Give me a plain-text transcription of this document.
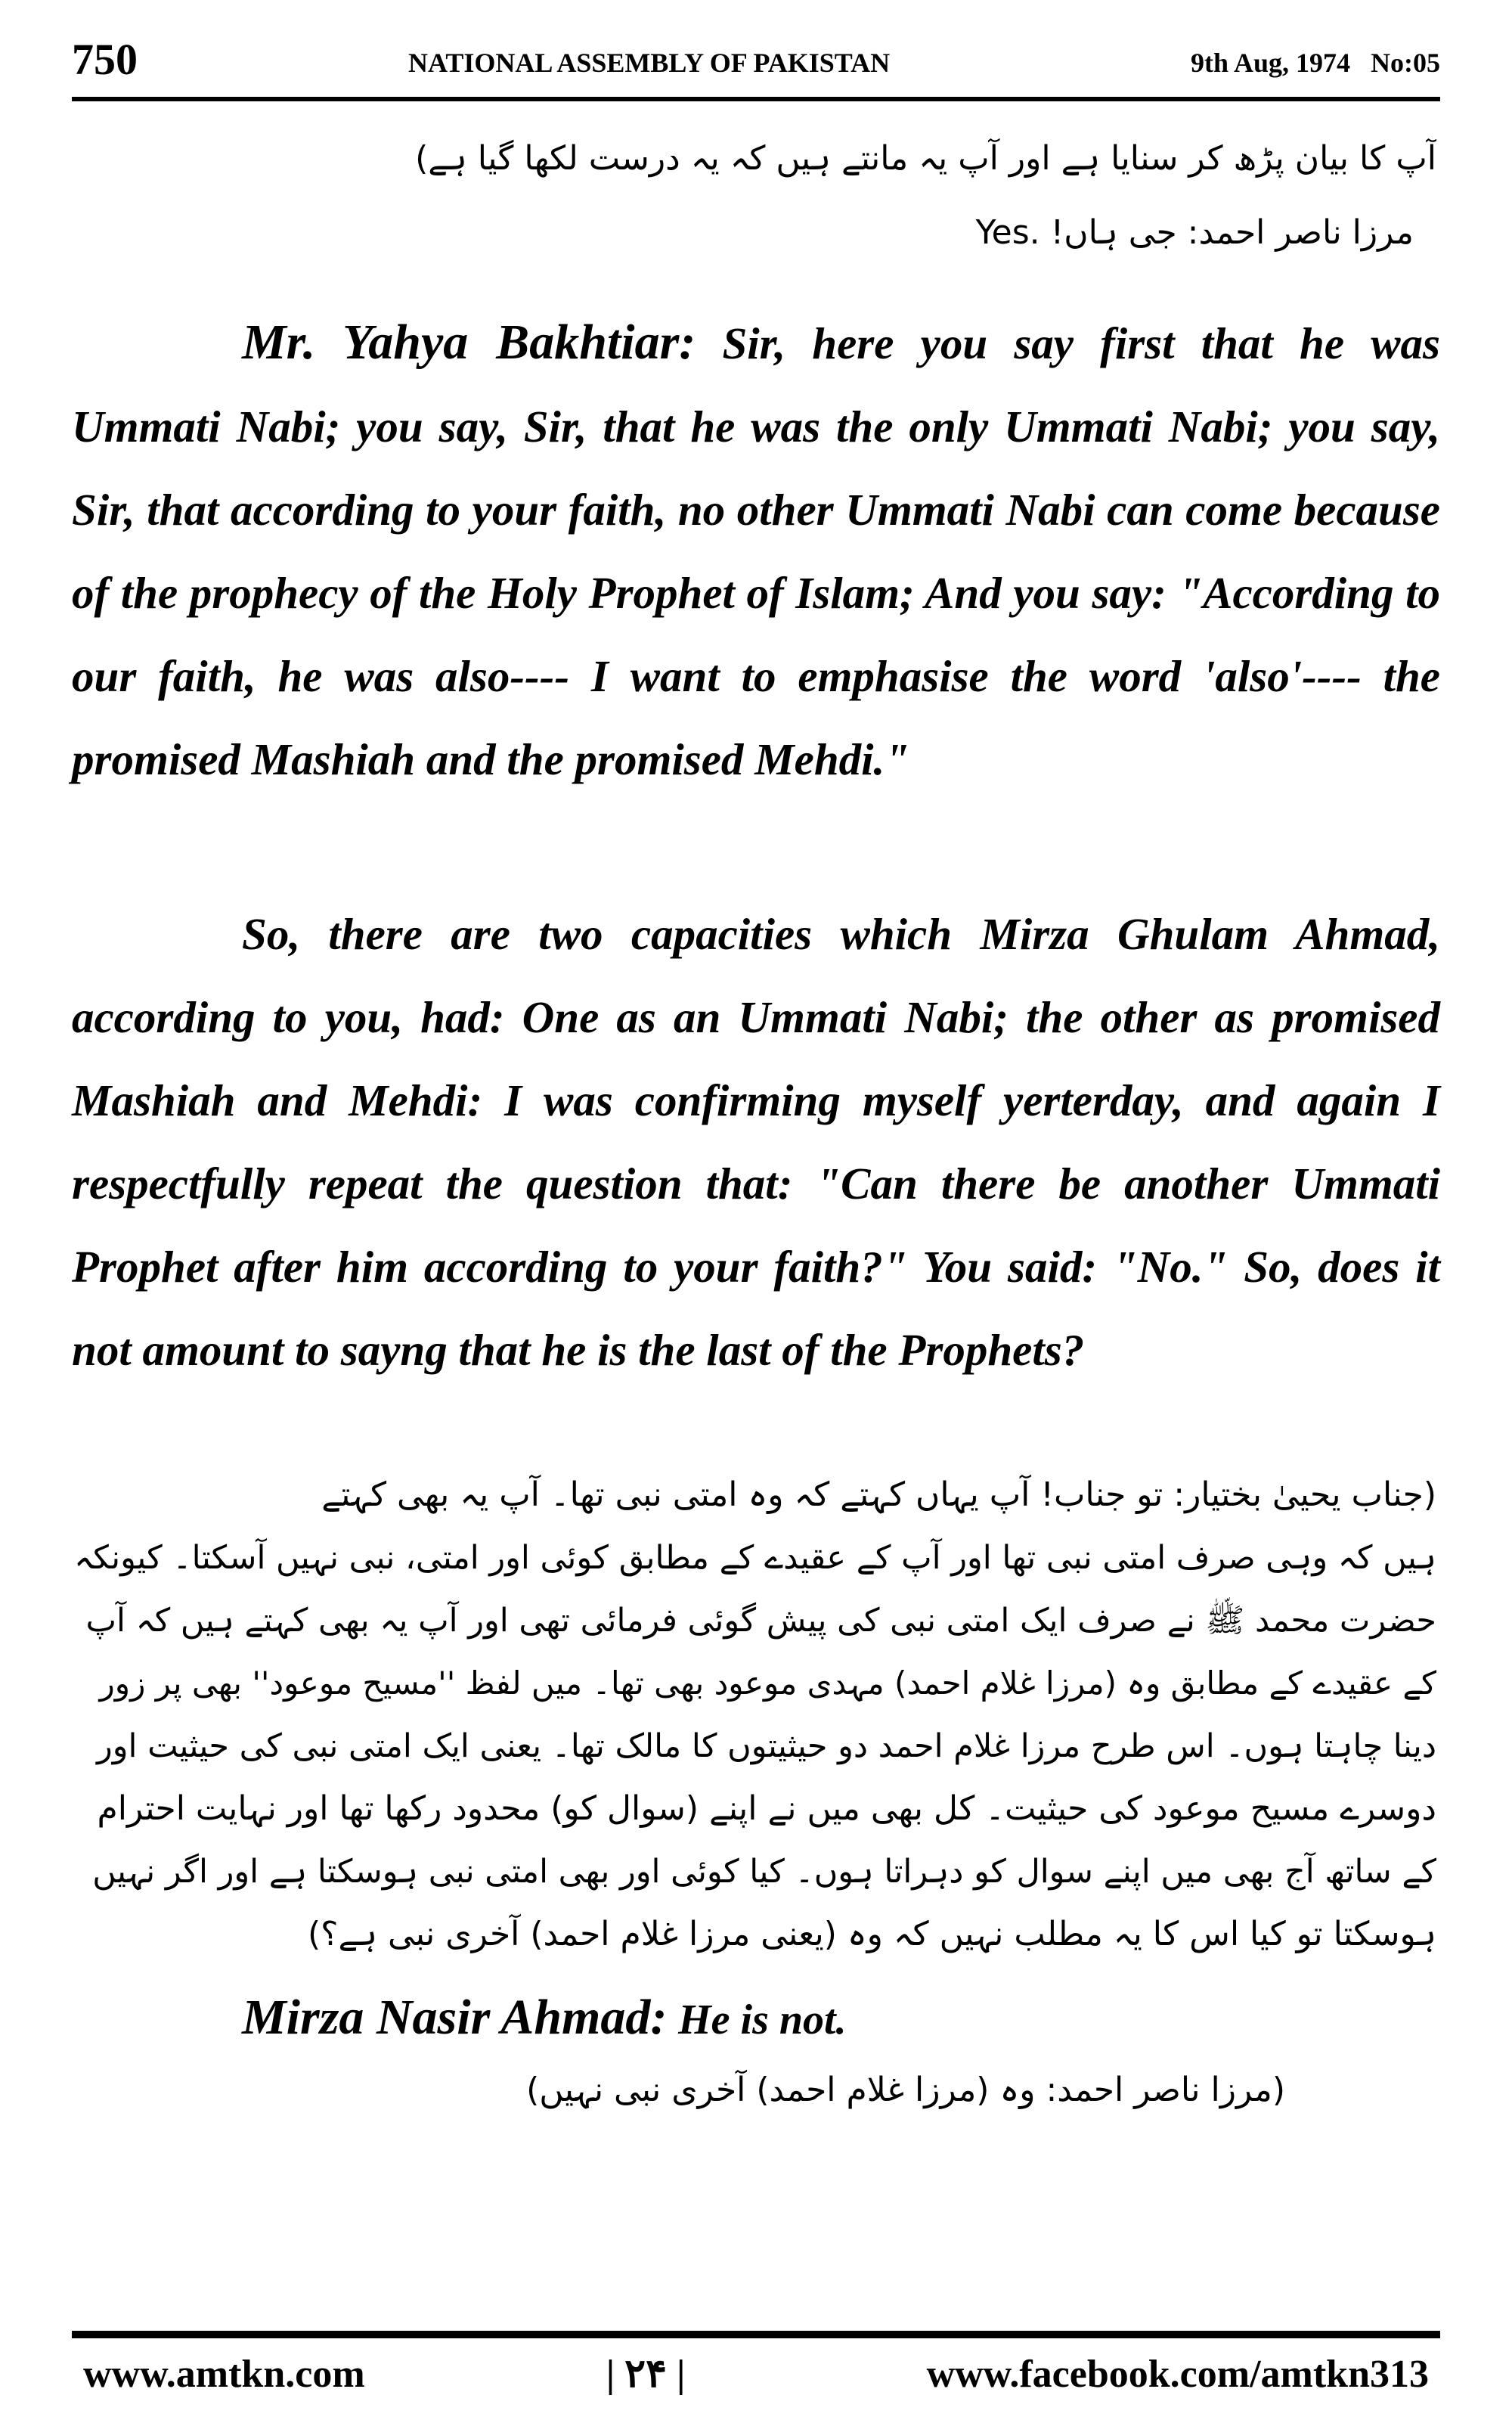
750	NATIONAL ASSEMBLY OF PAKISTAN	9th Aug, 1974   No:05
آپ کا بیان پڑھ کر سنایا ہے اور آپ یہ مانتے ہیں کہ یہ درست لکھا گیا ہے)
مرزا ناصر احمد: جی ہاں! .Yes
Mr. Yahya Bakhtiar: Sir, here you say first that he was Ummati Nabi; you say, Sir, that he was the only Ummati Nabi; you say, Sir, that according to your faith, no other Ummati Nabi can come because of the prophecy of the Holy Prophet of Islam; And you say: "According to our faith, he was also---- I want to emphasise the word 'also'---- the promised Mashiah and the promised Mehdi."
So, there are two capacities which Mirza Ghulam Ahmad, according to you, had: One as an Ummati Nabi; the other as promised Mashiah and Mehdi: I was confirming myself yerterday, and again I respectfully repeat the question that: "Can there be another Ummati Prophet after him according to your faith?" You said: "No." So, does it not amount to sayng that he is the last of the Prophets?
(جناب یحییٰ بختیار: تو جناب! آپ یہاں کہتے کہ وہ امتی نبی تھا۔ آپ یہ بھی کہتے
ہیں کہ وہی صرف امتی نبی تھا اور آپ کے عقیدے کے مطابق کوئی اور امتی، نبی نہیں آسکتا۔ کیونکہ
حضرت محمد ﷺ نے صرف ایک امتی نبی کی پیش گوئی فرمائی تھی اور آپ یہ بھی کہتے ہیں کہ آپ
کے عقیدے کے مطابق وہ (مرزا غلام احمد) مہدی موعود بھی تھا۔ میں لفظ ''مسیح موعود'' بھی پر زور
دینا چاہتا ہوں۔ اس طرح مرزا غلام احمد دو حیثیتوں کا مالک تھا۔ یعنی ایک امتی نبی کی حیثیت اور
دوسرے مسیح موعود کی حیثیت۔ کل بھی میں نے اپنے (سوال کو) محدود رکھا تھا اور نہایت احترام
کے ساتھ آج بھی میں اپنے سوال کو دہراتا ہوں۔ کیا کوئی اور بھی امتی نبی ہوسکتا ہے اور اگر نہیں
ہوسکتا تو کیا اس کا یہ مطلب نہیں کہ وہ (یعنی مرزا غلام احمد) آخری نبی ہے؟)
Mirza Nasir Ahmad: He is not.
(مرزا ناصر احمد: وہ (مرزا غلام احمد) آخری نبی نہیں)
www.amtkn.com	| ۲۴ |	www.facebook.com/amtkn313
